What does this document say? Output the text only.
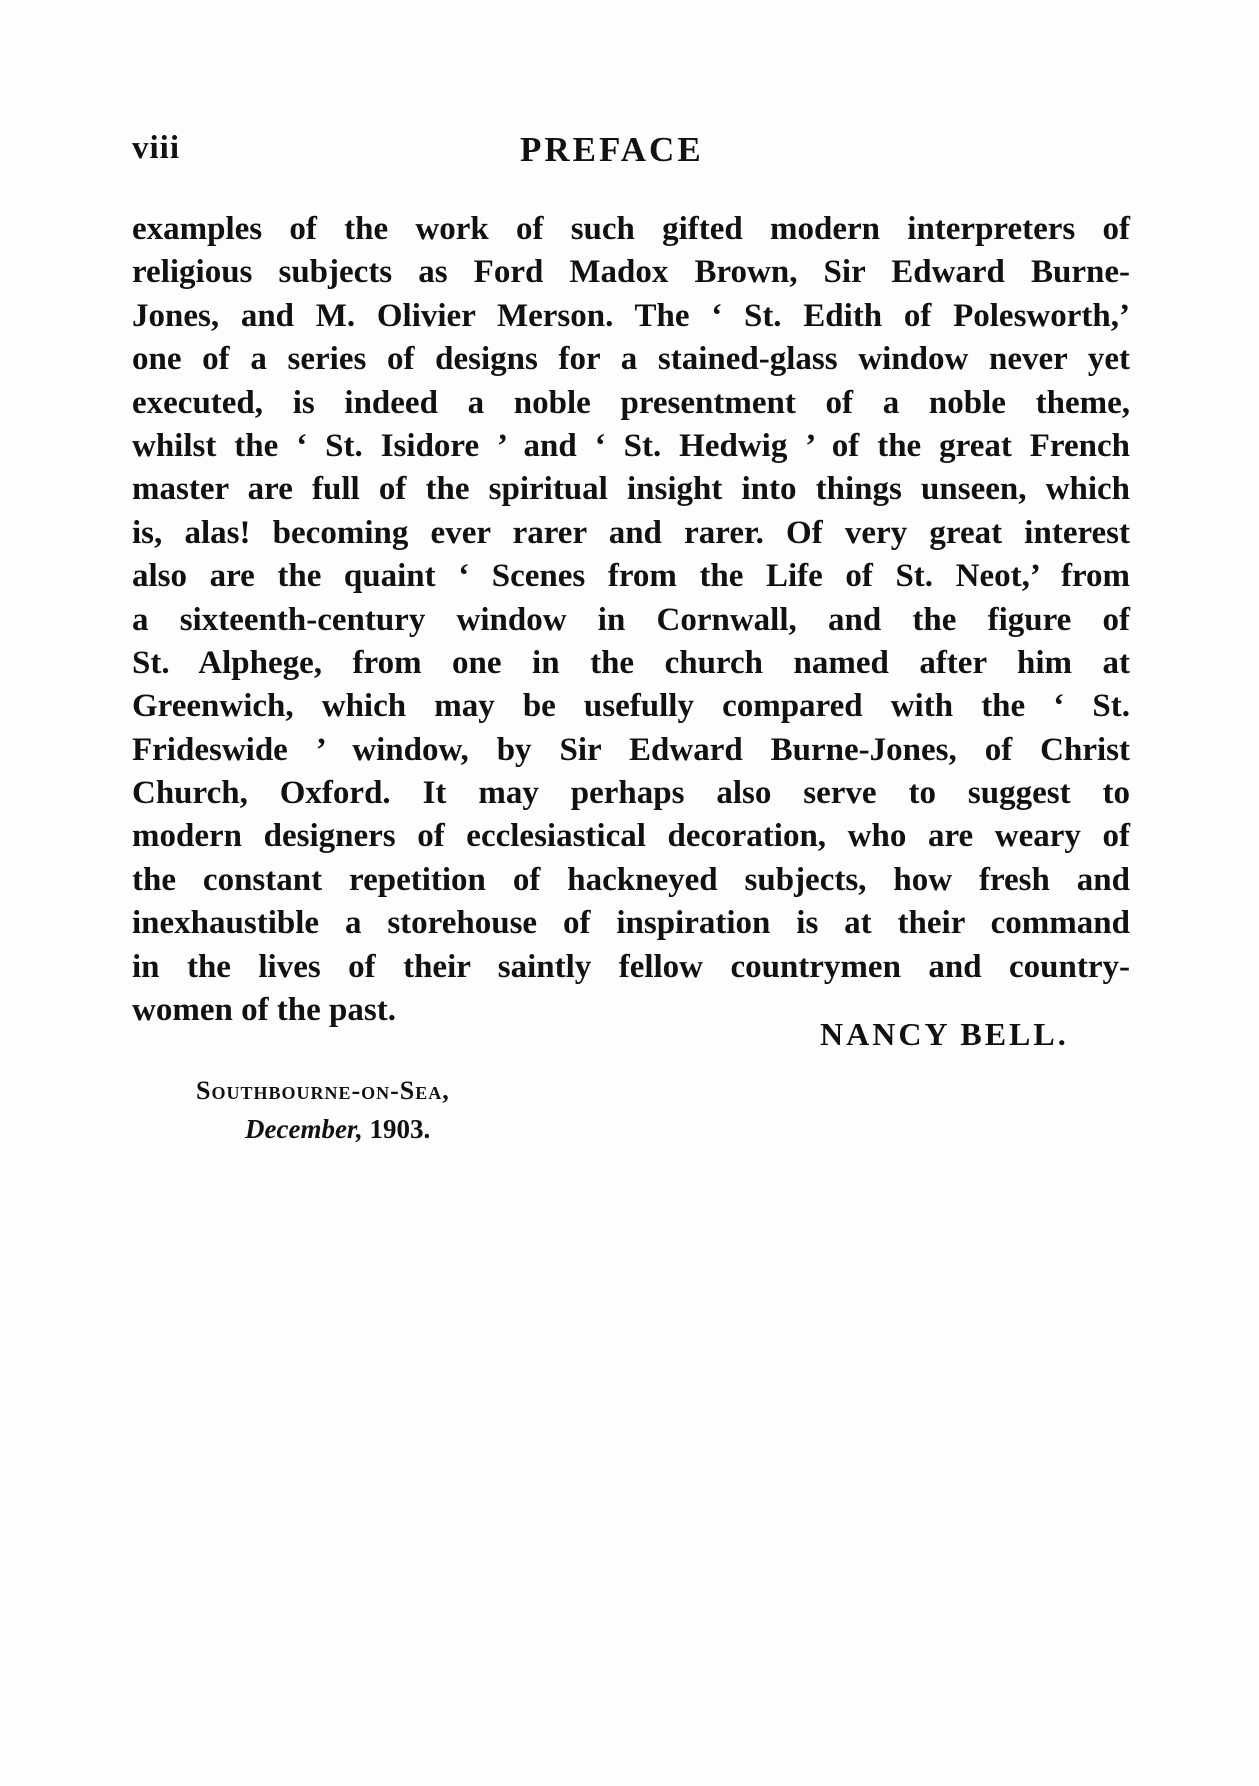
viii	PREFACE
examples of the work of such gifted modern interpreters of
religious subjects as Ford Madox Brown, Sir Edward Burne-
Jones, and M. Olivier Merson. The ‘ St. Edith of Polesworth,’
one of a series of designs for a stained-glass window never yet
executed, is indeed a noble presentment of a noble theme,
whilst the ‘ St. Isidore ’ and ‘ St. Hedwig ’ of the great French
master are full of the spiritual insight into things unseen, which
is, alas! becoming ever rarer and rarer. Of very great interest
also are the quaint ‘ Scenes from the Life of St. Neot,’ from
a sixteenth-century window in Cornwall, and the figure of
St. Alphege, from one in the church named after him at
Greenwich, which may be usefully compared with the ‘ St.
Frideswide ’ window, by Sir Edward Burne-Jones, of Christ
Church, Oxford. It may perhaps also serve to suggest to
modern designers of ecclesiastical decoration, who are weary of
the constant repetition of hackneyed subjects, how fresh and
inexhaustible a storehouse of inspiration is at their command
in the lives of their saintly fellow countrymen and country-
women of the past.
NANCY BELL.
Southbourne-on-Sea,
December, 1903.
